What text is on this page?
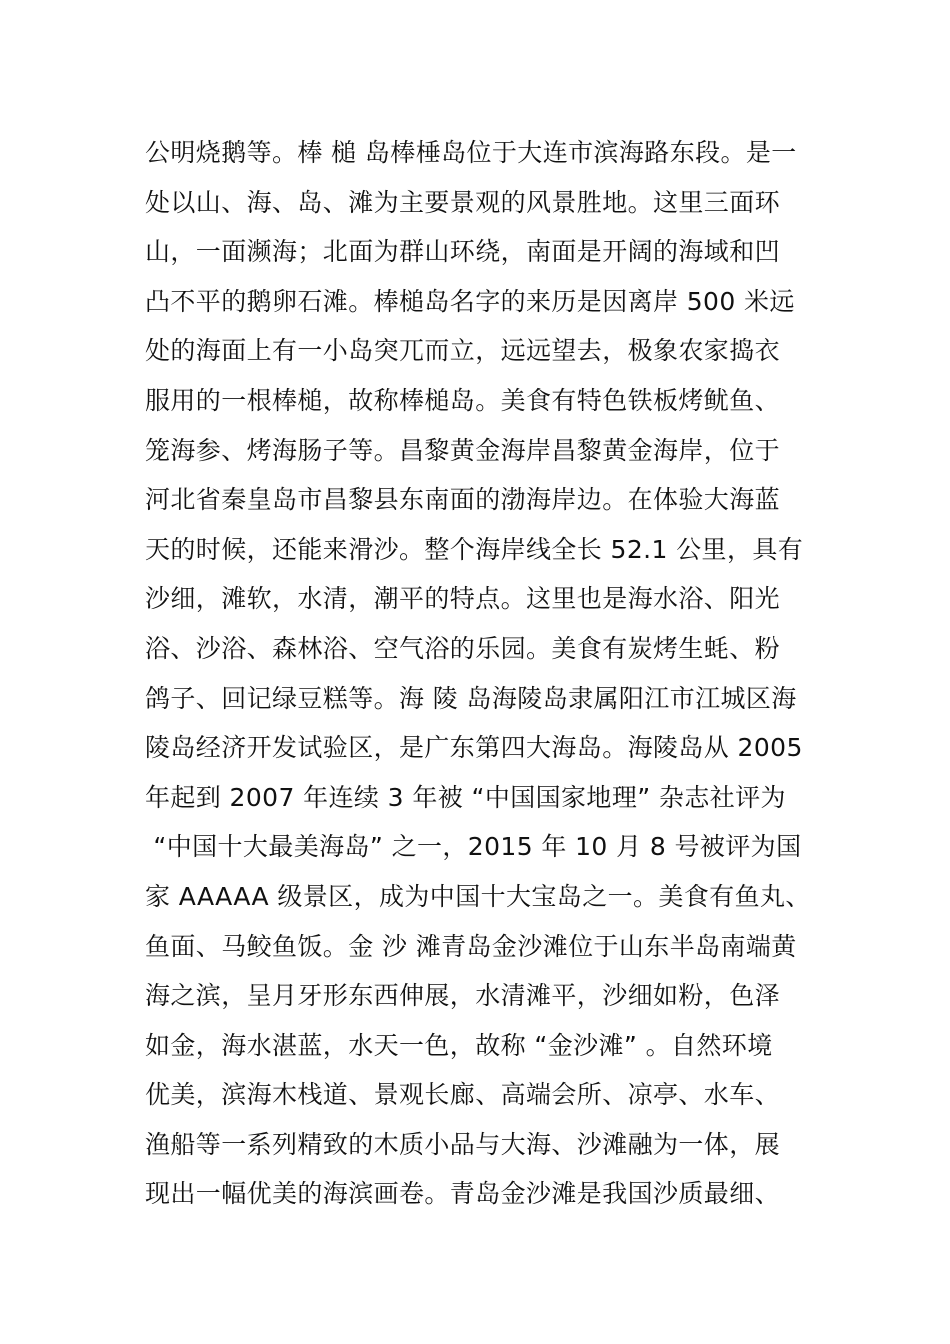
公明烧鹅等。棒 槌 岛棒棰岛位于大连市滨海路东段。是一
处以山、海、岛、滩为主要景观的风景胜地。这里三面环
山，一面濒海；北面为群山环绕，南面是开阔的海域和凹
凸不平的鹅卵石滩。棒槌岛名字的来历是因离岸 500 米远
处的海面上有一小岛突兀而立，远远望去，极象农家捣衣
服用的一根棒槌，故称棒槌岛。美食有特色铁板烤鱿鱼、
笼海参、烤海肠子等。昌黎黄金海岸昌黎黄金海岸，位于
河北省秦皇岛市昌黎县东南面的渤海岸边。在体验大海蓝
天的时候，还能来滑沙。整个海岸线全长 52.1 公里，具有
沙细，滩软，水清，潮平的特点。这里也是海水浴、阳光
浴、沙浴、森林浴、空气浴的乐园。美食有炭烤生蚝、粉
鸽子、回记绿豆糕等。海 陵 岛海陵岛隶属阳江市江城区海
陵岛经济开发试验区，是广东第四大海岛。海陵岛从 2005
年起到 2007 年连续 3 年被 “中国国家地理” 杂志社评为
“中国十大最美海岛” 之一，2015 年 10 月 8 号被评为国
家 AAAAA 级景区，成为中国十大宝岛之一。美食有鱼丸、
鱼面、马鲛鱼饭。金 沙 滩青岛金沙滩位于山东半岛南端黄
海之滨，呈月牙形东西伸展，水清滩平，沙细如粉，色泽
如金，海水湛蓝，水天一色，故称 “金沙滩” 。自然环境
优美，滨海木栈道、景观长廊、高端会所、凉亭、水车、
渔船等一系列精致的木质小品与大海、沙滩融为一体，展
现出一幅优美的海滨画卷。青岛金沙滩是我国沙质最细、
